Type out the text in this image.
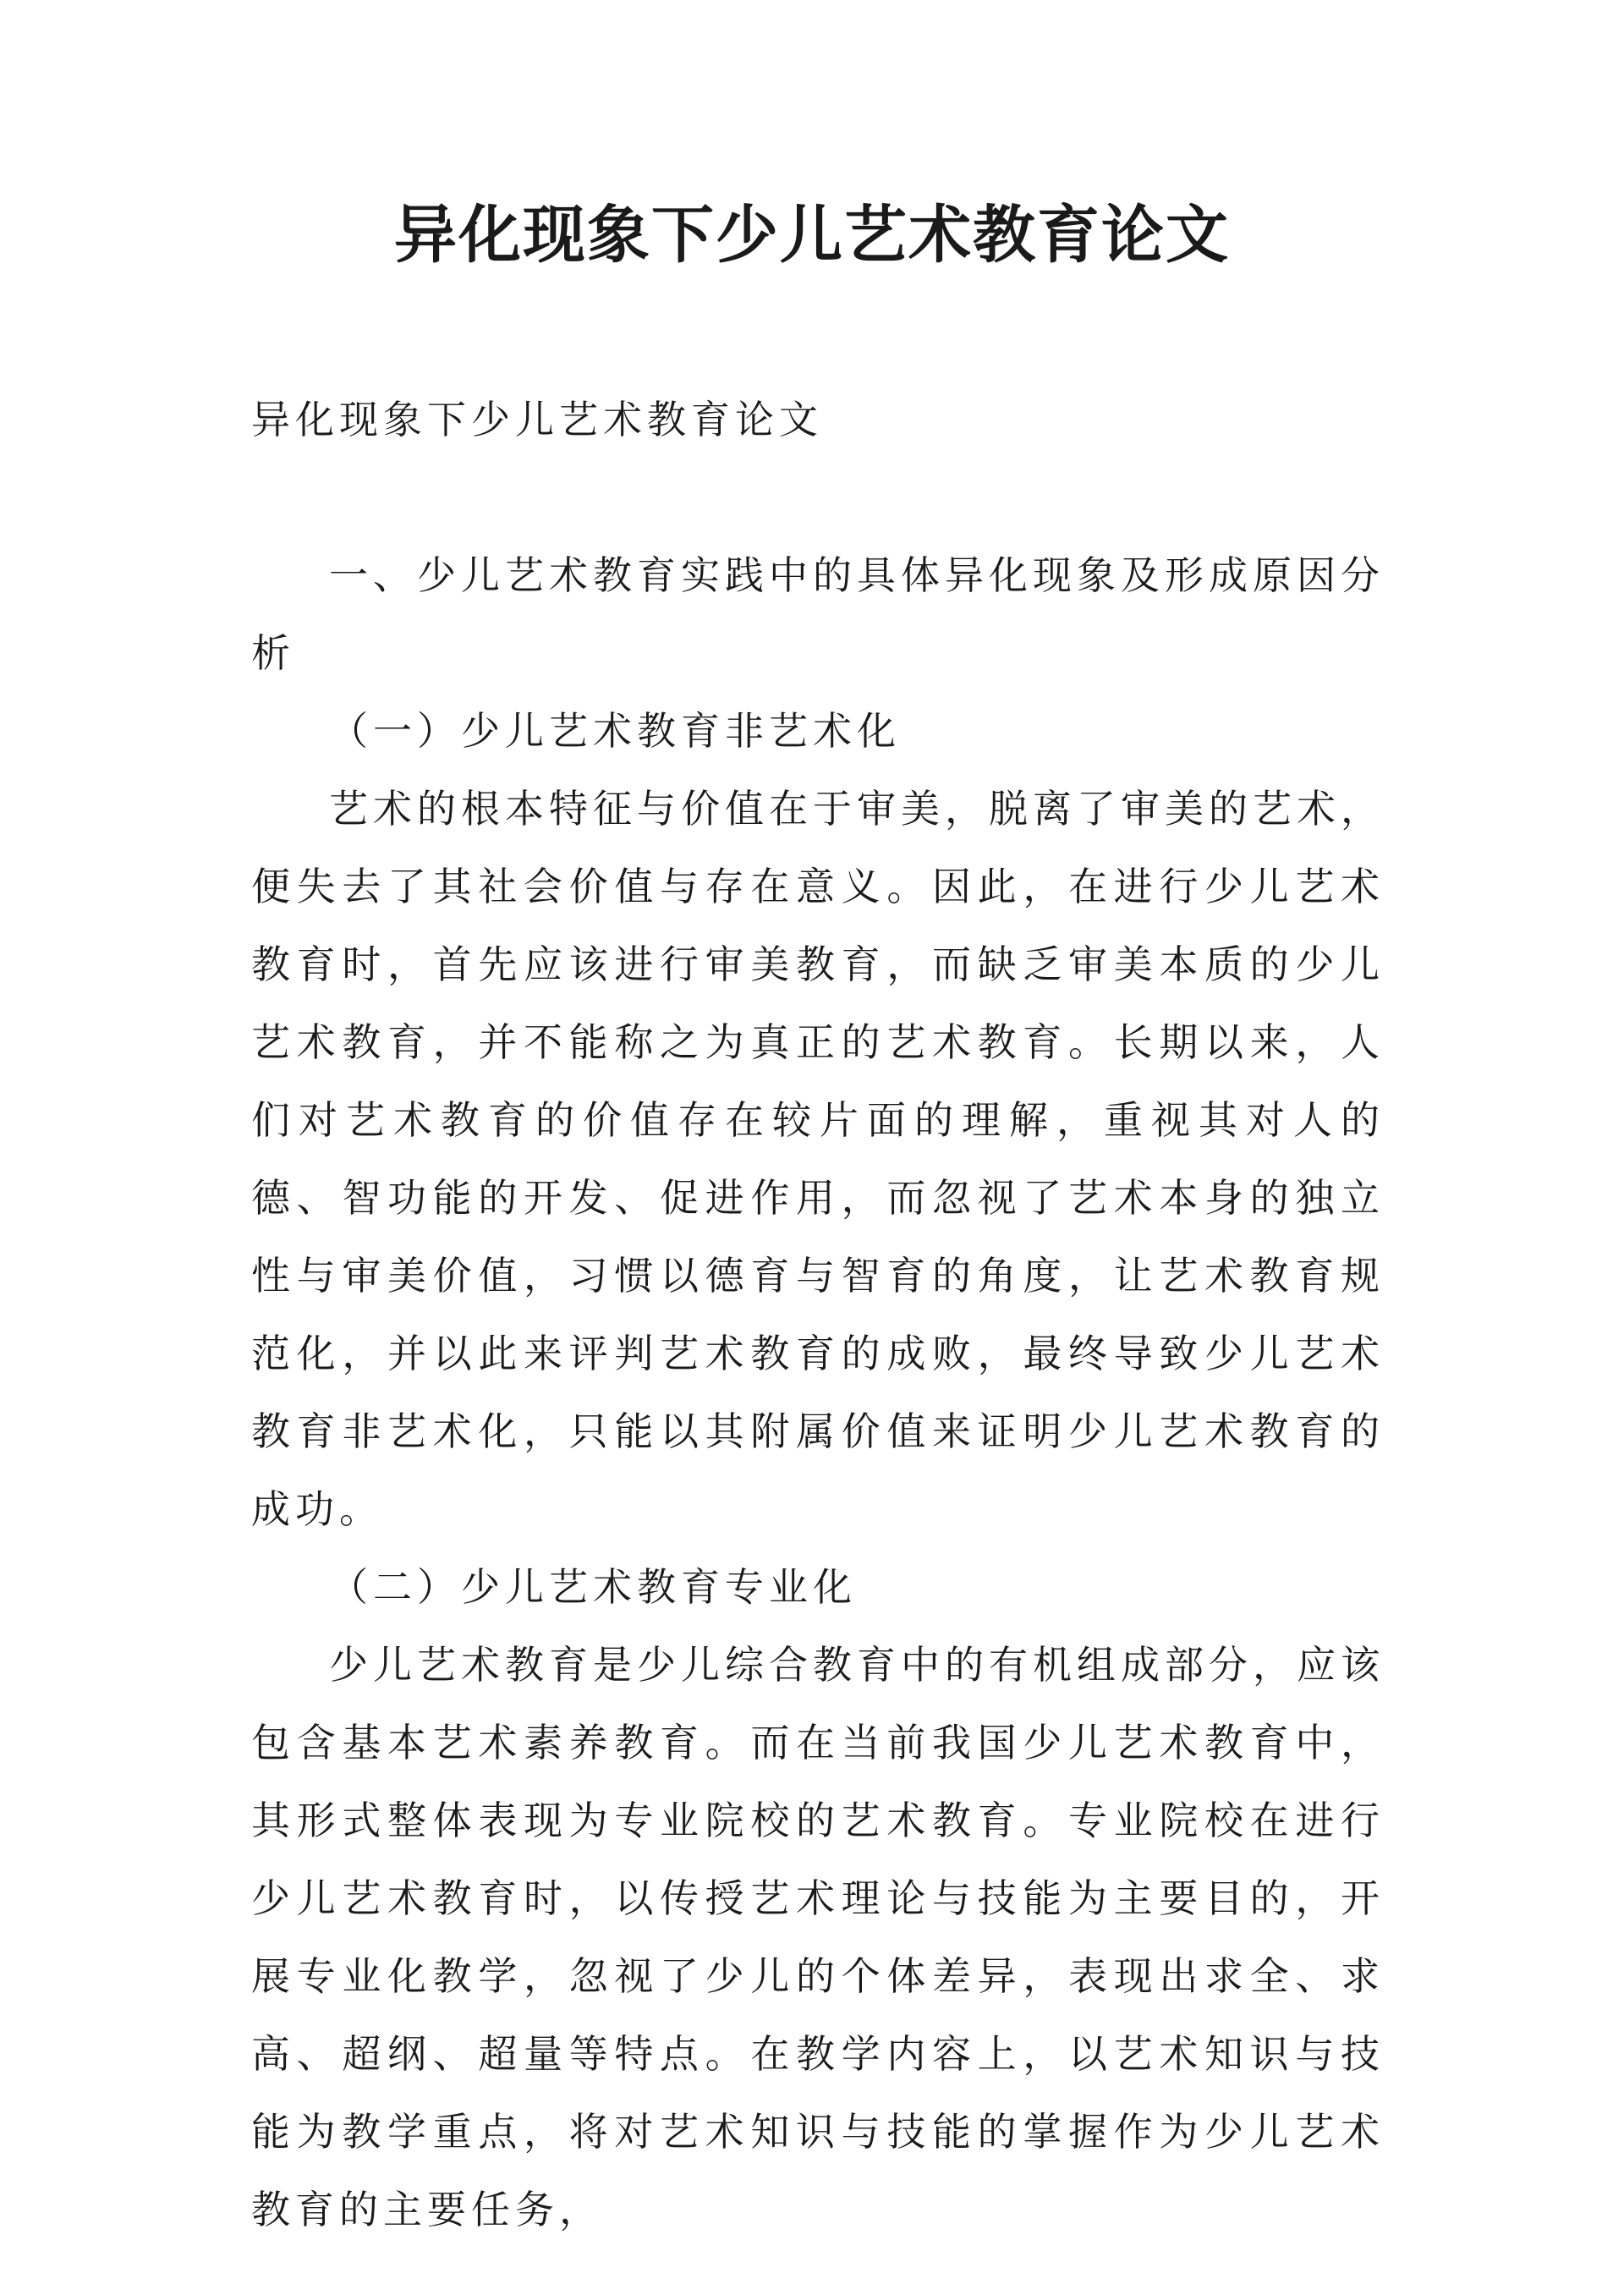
异化现象下少儿艺术教育论文

异化现象下少儿艺术教育论文

一、少儿艺术教育实践中的具体异化现象及形成原因分析

（一）少儿艺术教育非艺术化

艺术的根本特征与价值在于审美，脱离了审美的艺术，便失去了其社会价值与存在意义。因此，在进行少儿艺术教育时，首先应该进行审美教育，而缺乏审美本质的少儿艺术教育，并不能称之为真正的艺术教育。长期以来，人们对艺术教育的价值存在较片面的理解，重视其对人的德、智功能的开发、促进作用，而忽视了艺术本身的独立性与审美价值，习惯以德育与智育的角度，让艺术教育规范化，并以此来评判艺术教育的成败，最终导致少儿艺术教育非艺术化，只能以其附属价值来证明少儿艺术教育的成功。

（二）少儿艺术教育专业化

少儿艺术教育是少儿综合教育中的有机组成部分，应该包含基本艺术素养教育。而在当前我国少儿艺术教育中，其形式整体表现为专业院校的艺术教育。专业院校在进行少儿艺术教育时，以传授艺术理论与技能为主要目的，开展专业化教学，忽视了少儿的个体差异，表现出求全、求高、超纲、超量等特点。在教学内容上，以艺术知识与技能为教学重点，将对艺术知识与技能的掌握作为少儿艺术教育的主要任务，
